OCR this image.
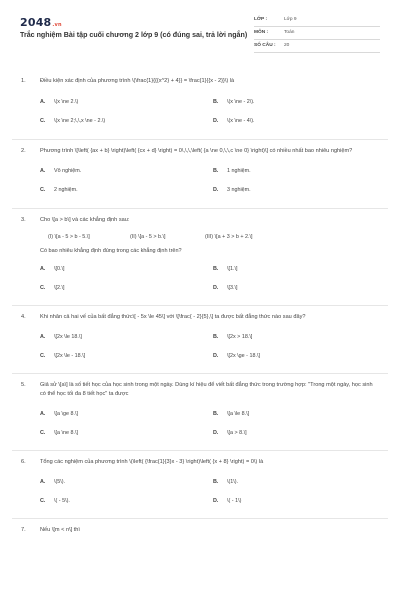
2048.vn
Trắc nghiệm Bài tập cuối chương 2 lớp 9 (có đúng sai, trả lời ngắn)
LỚP :	Lớp 9
MÔN :	Toán
SỐ CÂU : 20
1.	Điều kiện xác định của phương trình \(\frac{1}{{{x^2} + 4}} = \frac{1}{{x - 2}}\) là
A. \(x \ne 2.\)	B. \(x \ne - 2\).
C. \(x \ne 2;\,\,x \ne - 2.\)	D. \(x \ne - 4\).
2.	Phương trình \[\left( {ax + b} \right)\left( {cx + d} \right) = 0\,\,\,\left( {a \ne 0,\,\,c \ne 0} \right)\] có nhiều nhất bao nhiêu nghiệm?
A. Vô nghiệm.	B. 1 nghiệm.
C. 2 nghiệm.	D. 3 nghiệm.
3.	Cho \[a > b\] và các khẳng định sau:
(I) \[a - 5 > b - 5.\]	(II) \[a - 5 > b.\]	(III) \[a + 3 > b + 2.\]
Có bao nhiêu khẳng định đúng trong các khẳng định trên?
A. \[0.\]	B. \[1.\]
C. \[2.\]	D. \[3.\]
4.	Khi nhân cả hai vế của bất đẳng thức\[ - 5x \le 45\] với \[\frac{ - 2}{5},\] ta được bất đẳng thức nào sau đây?
A. \[2x \le 18.\]	B. \[2x > 18.\]
C. \[2x \le - 18.\]	D. \[2x \ge - 18.\]
5.	Giả sử \[a\] là số tiết học của học sinh trong một ngày. Dùng kí hiệu để viết bất đẳng thức trong trường hợp: "Trong một ngày, học sinh có thể học tối đa 8 tiết học" ta được
A. \[a \ge 8.\]	B. \[a \le 8.\]
C. \[a \ne 8.\]	D. \[a > 8.\]
6.	Tổng các nghiệm của phương trình \(\left( {\frac{1}{3}x - 3} \right)\left( {x + 8} \right) = 0\) là
A. \(5\).	B. \(1\).
C. \( - 5\).	D. \( - 1\)
7.	Nếu \[m < n\] thì
